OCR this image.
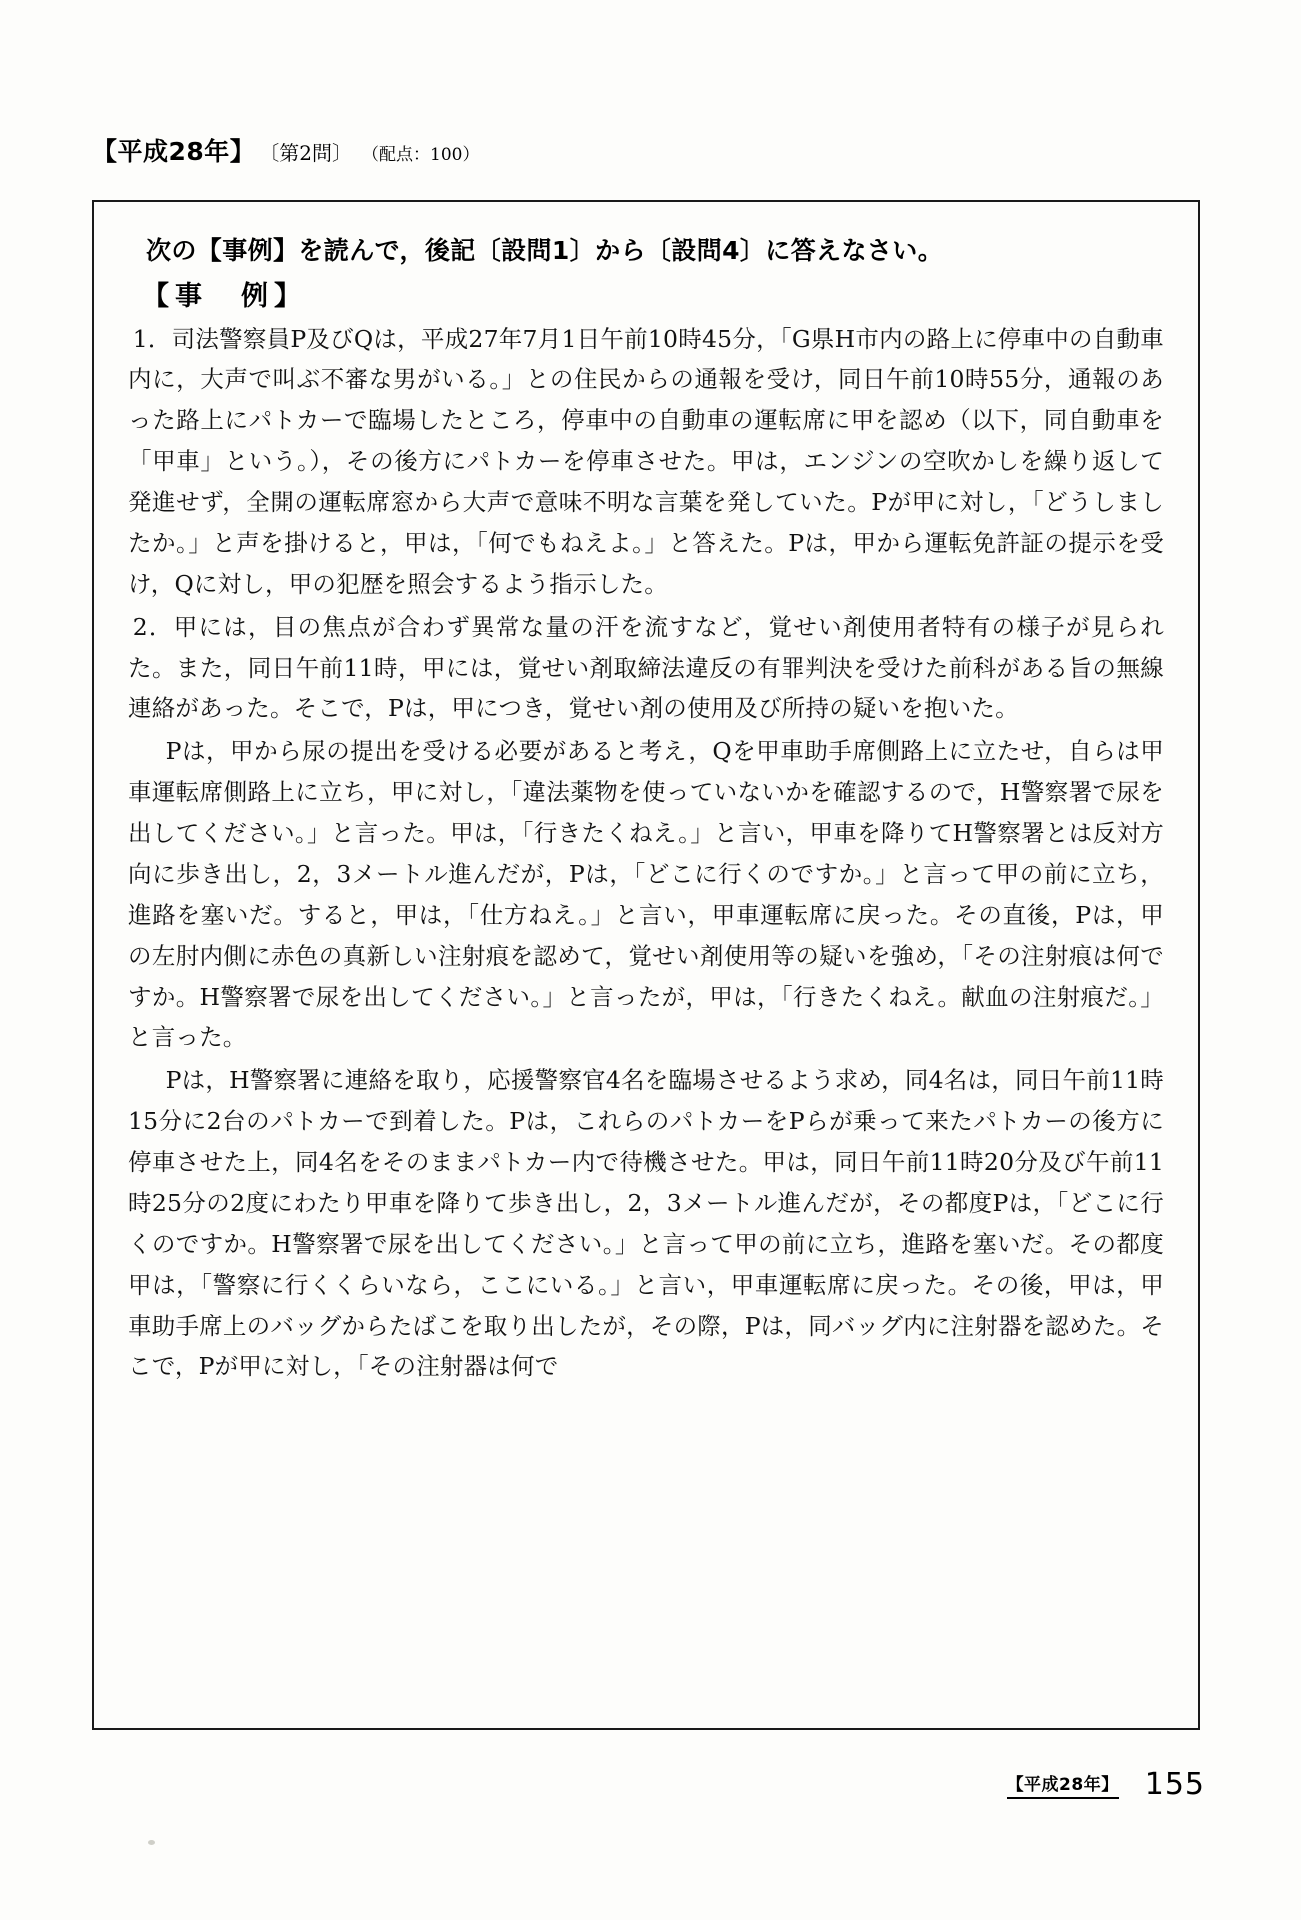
【平成28年】 〔第2問〕 （配点：100）
次の【事例】を読んで，後記〔設問1〕から〔設問4〕に答えなさい。
【事　例】

1．司法警察員P及びQは，平成27年7月1日午前10時45分，「G県H市内の路上に停車中の自動車内に，大声で叫ぶ不審な男がいる。」との住民からの通報を受け，同日午前10時55分，通報のあった路上にパトカーで臨場したところ，停車中の自動車の運転席に甲を認め（以下，同自動車を「甲車」という。），その後方にパトカーを停車させた。甲は，エンジンの空吹かしを繰り返して発進せず，全開の運転席窓から大声で意味不明な言葉を発していた。Pが甲に対し，「どうしましたか。」と声を掛けると，甲は，「何でもねえよ。」と答えた。Pは，甲から運転免許証の提示を受け，Qに対し，甲の犯歴を照会するよう指示した。

2．甲には，目の焦点が合わず異常な量の汗を流すなど，覚せい剤使用者特有の様子が見られた。また，同日午前11時，甲には，覚せい剤取締法違反の有罪判決を受けた前科がある旨の無線連絡があった。そこで，Pは，甲につき，覚せい剤の使用及び所持の疑いを抱いた。

Pは，甲から尿の提出を受ける必要があると考え，Qを甲車助手席側路上に立たせ，自らは甲車運転席側路上に立ち，甲に対し，「違法薬物を使っていないかを確認するので，H警察署で尿を出してください。」と言った。甲は，「行きたくねえ。」と言い，甲車を降りてH警察署とは反対方向に歩き出し，2，3メートル進んだが，Pは，「どこに行くのですか。」と言って甲の前に立ち，進路を塞いだ。すると，甲は，「仕方ねえ。」と言い，甲車運転席に戻った。その直後，Pは，甲の左肘内側に赤色の真新しい注射痕を認めて，覚せい剤使用等の疑いを強め，「その注射痕は何ですか。H警察署で尿を出してください。」と言ったが，甲は，「行きたくねえ。献血の注射痕だ。」と言った。

Pは，H警察署に連絡を取り，応援警察官4名を臨場させるよう求め，同4名は，同日午前11時15分に2台のパトカーで到着した。Pは，これらのパトカーをPらが乗って来たパトカーの後方に停車させた上，同4名をそのままパトカー内で待機させた。甲は，同日午前11時20分及び午前11時25分の2度にわたり甲車を降りて歩き出し，2，3メートル進んだが，その都度Pは，「どこに行くのですか。H警察署で尿を出してください。」と言って甲の前に立ち，進路を塞いだ。その都度甲は，「警察に行くくらいなら，ここにいる。」と言い，甲車運転席に戻った。その後，甲は，甲車助手席上のバッグからたばこを取り出したが，その際，Pは，同バッグ内に注射器を認めた。そこで，Pが甲に対し，「その注射器は何で

【平成28年】 155
